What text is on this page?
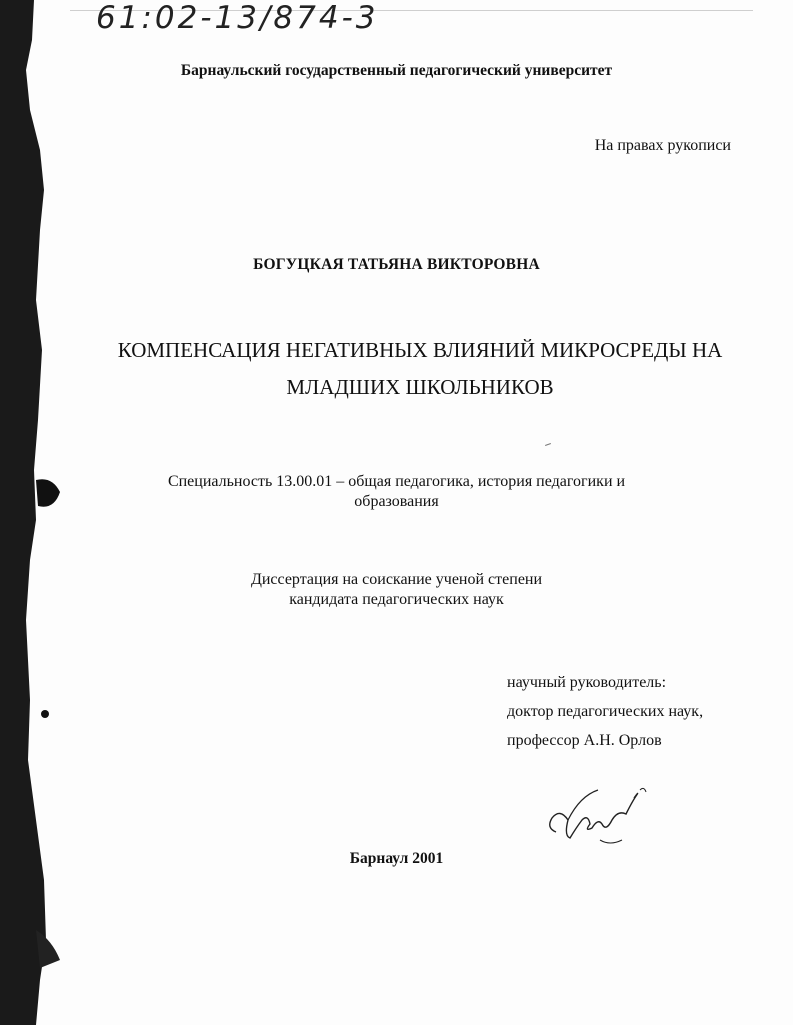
61:02-13/874-3
Барнаульский государственный педагогический университет
На правах рукописи
БОГУЦКАЯ ТАТЬЯНА ВИКТОРОВНА
КОМПЕНСАЦИЯ НЕГАТИВНЫХ ВЛИЯНИЙ МИКРОСРЕДЫ НА
МЛАДШИХ ШКОЛЬНИКОВ
Специальность 13.00.01 – общая педагогика, история педагогики и
образования
Диссертация на соискание ученой степени
кандидата педагогических наук
научный руководитель:
доктор педагогических наук,
профессор А.Н. Орлов
Барнаул 2001
